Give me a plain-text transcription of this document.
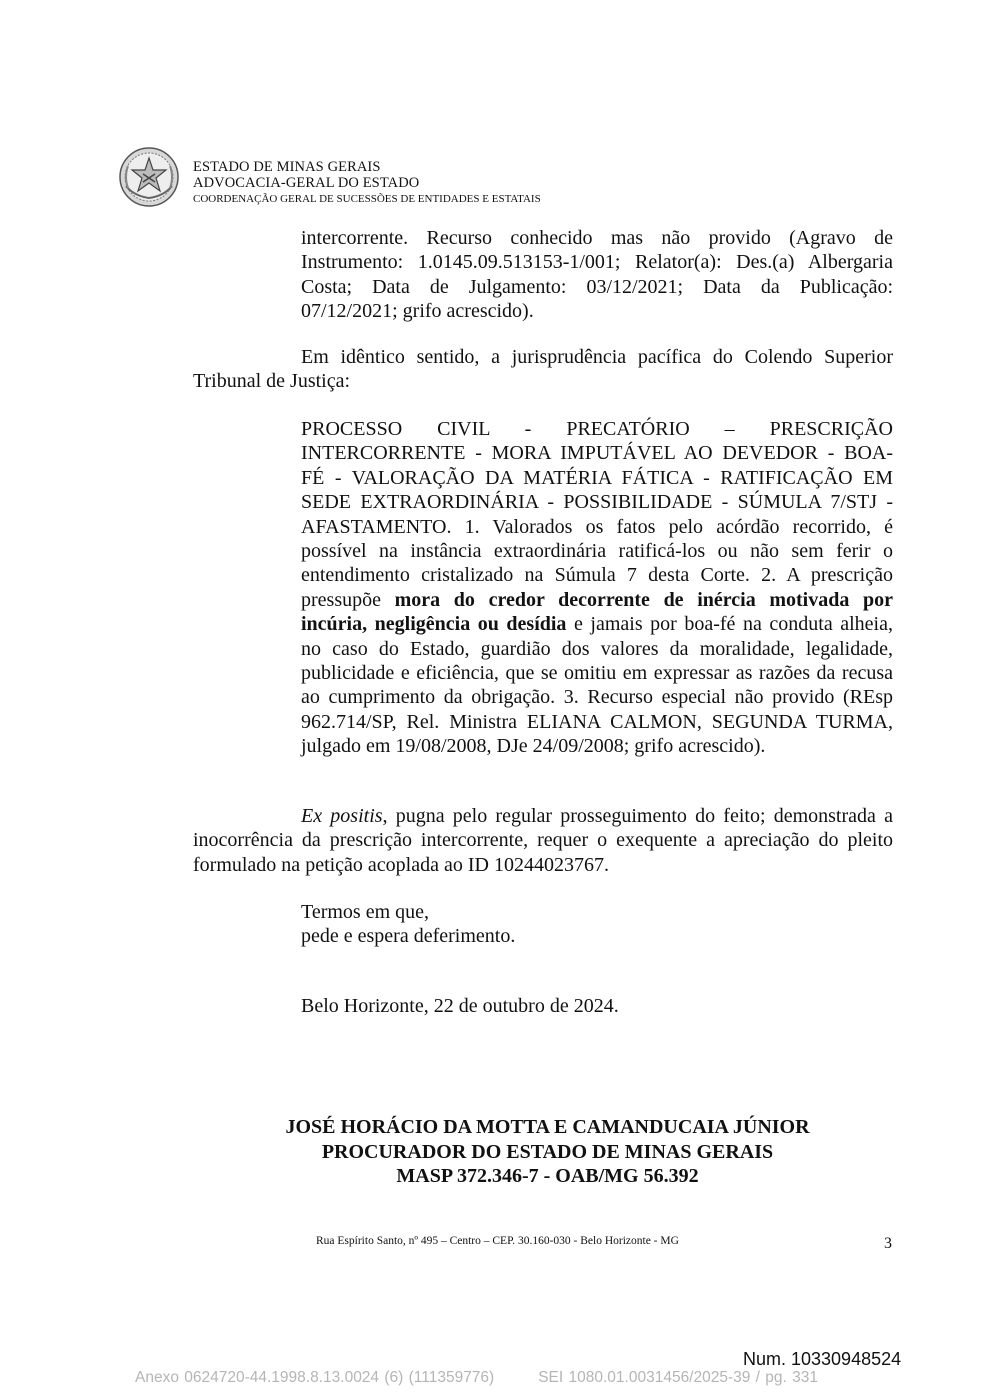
ESTADO DE MINAS GERAIS
ADVOCACIA-GERAL DO ESTADO
COORDENAÇÃO GERAL DE SUCESSÕES DE ENTIDADES E ESTATAIS

intercorrente. Recurso conhecido mas não provido (Agravo de

Instrumento: 1.0145.09.513153-1/001; Relator(a): Des.(a) Albergaria

Costa; Data de Julgamento: 03/12/2021; Data da Publicação:

07/12/2021; grifo acrescido).

Em idêntico sentido, a jurisprudência pacífica do Colendo Superior

Tribunal de Justiça:

PROCESSO CIVIL - PRECATÓRIO – PRESCRIÇÃO

INTERCORRENTE - MORA IMPUTÁVEL AO DEVEDOR - BOA-

FÉ - VALORAÇÃO DA MATÉRIA FÁTICA - RATIFICAÇÃO EM

SEDE EXTRAORDINÁRIA - POSSIBILIDADE - SÚMULA 7/STJ -

AFASTAMENTO. 1. Valorados os fatos pelo acórdão recorrido, é

possível na instância extraordinária ratificá-los ou não sem ferir o

entendimento cristalizado na Súmula 7 desta Corte. 2. A prescrição

pressupõe mora do credor decorrente de inércia motivada por

incúria, negligência ou desídia e jamais por boa-fé na conduta alheia,

no caso do Estado, guardião dos valores da moralidade, legalidade,

publicidade e eficiência, que se omitiu em expressar as razões da recusa

ao cumprimento da obrigação. 3. Recurso especial não provido (REsp

962.714/SP, Rel. Ministra ELIANA CALMON, SEGUNDA TURMA,

julgado em 19/08/2008, DJe 24/09/2008; grifo acrescido).

Ex positis, pugna pelo regular prosseguimento do feito; demonstrada a

inocorrência da prescrição intercorrente, requer o exequente a apreciação do pleito

formulado na petição acoplada ao ID 10244023767.

Termos em que,

pede e espera deferimento.

Belo Horizonte, 22 de outubro de 2024.
JOSÉ HORÁCIO DA MOTTA E CAMANDUCAIA JÚNIOR
PROCURADOR DO ESTADO DE MINAS GERAIS
MASP 372.346-7 - OAB/MG 56.392
Rua Espírito Santo, nº 495 – Centro – CEP. 30.160-030 - Belo Horizonte - MG	3
Num. 10330948524
Anexo 0624720-44.1998.8.13.0024 (6) (111359776)	SEI 1080.01.0031456/2025-39 / pg. 331
